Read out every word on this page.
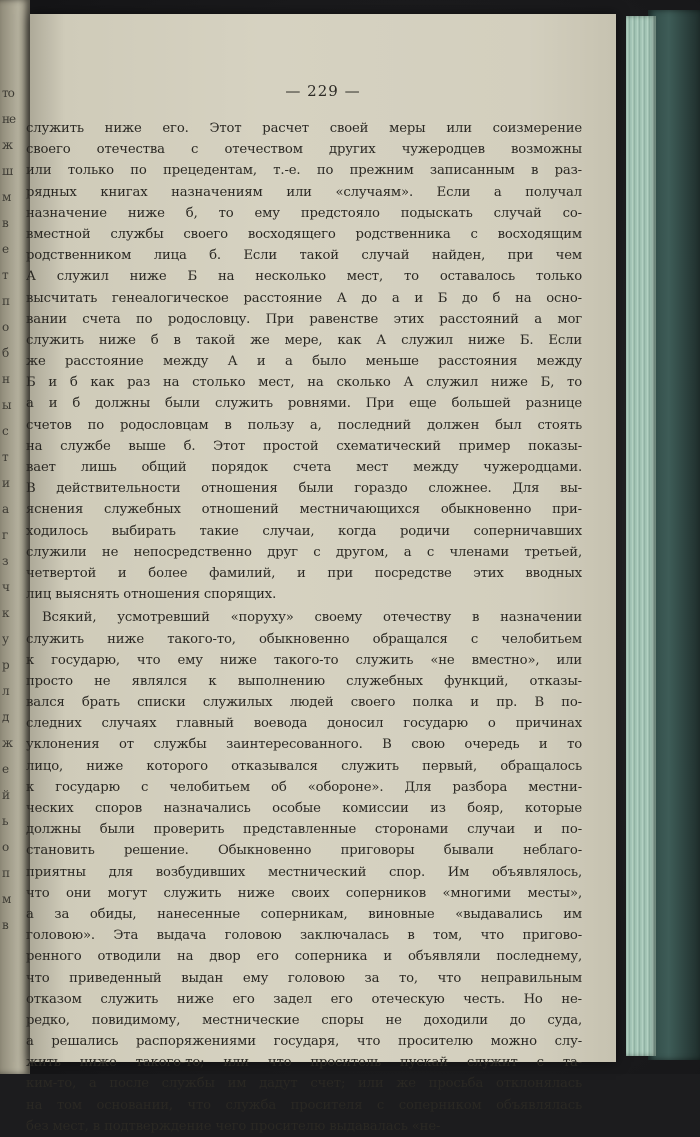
то
не
ж
ш
м
в
е
т
п
о
б
н
ы
с
т
и
а
г
з
ч
к
у
р
л
д
ж
е
й
ь
о
п
м
в
— 229 —
служить ниже его. Этот расчет своей меры или соизмерение
своего отечества с отечеством других чужеродцев возможны
или только по прецедентам, т.-е. по прежним записанным в раз-
рядных книгах назначениям или «случаям». Если а получал
назначение ниже б, то ему предстояло подыскать случай со-
вместной службы своего восходящего родственника с восходящим
родственником лица б. Если такой случай найден, при чем
А служил ниже Б на несколько мест, то оставалось только
высчитать генеалогическое расстояние А до а и Б до б на осно-
вании счета по родословцу. При равенстве этих расстояний а мог
служить ниже б в такой же мере, как А служил ниже Б. Если
же расстояние между А и а было меньше расстояния между
Б и б как раз на столько мест, на сколько А служил ниже Б, то
а и б должны были служить ровнями. При еще большей разнице
счетов по родословцам в пользу а, последний должен был стоять
на службе выше б. Этот простой схематический пример показы-
вает лишь общий порядок счета мест между чужеродцами.
В действительности отношения были гораздо сложнее. Для вы-
яснения служебных отношений местничающихся обыкновенно при-
ходилось выбирать такие случаи, когда родичи соперничавших
служили не непосредственно друг с другом, а с членами третьей,
четвертой и более фамилий, и при посредстве этих вводных
лиц выяснять отношения спорящих.
Всякий, усмотревший «поруху» своему отечеству в назначении
служить ниже такого-то, обыкновенно обращался с челобитьем
к государю, что ему ниже такого-то служить «не вместно», или
просто не являлся к выполнению служебных функций, отказы-
вался брать списки служилых людей своего полка и пр. В по-
следних случаях главный воевода доносил государю о причинах
уклонения от службы заинтересованного. В свою очередь и то
лицо, ниже которого отказывался служить первый, обращалось
к государю с челобитьем об «обороне». Для разбора местни-
ческих споров назначались особые комиссии из бояр, которые
должны были проверить представленные сторонами случаи и по-
становить решение. Обыкновенно приговоры бывали неблаго-
приятны для возбудивших местнический спор. Им объявлялось,
что они могут служить ниже своих соперников «многими месты»,
а за обиды, нанесенные соперникам, виновные «выдавались им
головою». Эта выдача головою заключалась в том, что пригово-
ренного отводили на двор его соперника и объявляли последнему,
что приведенный выдан ему головою за то, что неправильным
отказом служить ниже его задел его отеческую честь. Но не-
редко, повидимому, местнические споры не доходили до суда,
а решались распоряжениями государя, что просителю можно слу-
жить ниже такого-то; или что проситель пускай служит с та-
ким-то, а после службы им дадут счет; или же просьба отклонялась
на том основании, что служба просителя с соперником объявлялась
без мест, в подтверждение чего просителю выдавалась «не-
